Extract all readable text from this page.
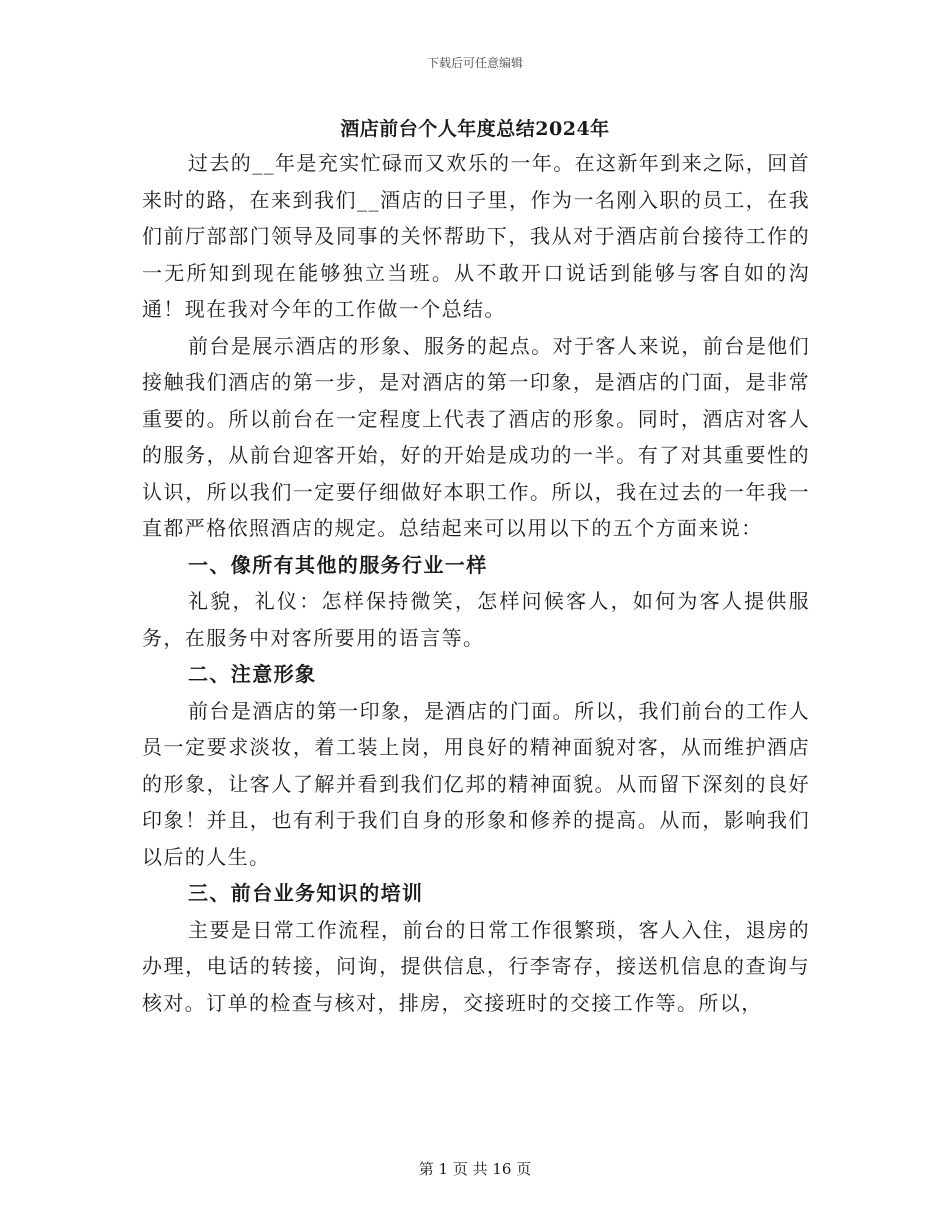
下载后可任意编辑
酒店前台个人年度总结2024年

过去的__年是充实忙碌而又欢乐的一年。在这新年到来之际，回首来时的路，在来到我们__酒店的日子里，作为一名刚入职的员工，在我们前厅部部门领导及同事的关怀帮助下，我从对于酒店前台接待工作的一无所知到现在能够独立当班。从不敢开口说话到能够与客自如的沟通！现在我对今年的工作做一个总结。

前台是展示酒店的形象、服务的起点。对于客人来说，前台是他们接触我们酒店的第一步，是对酒店的第一印象，是酒店的门面，是非常重要的。所以前台在一定程度上代表了酒店的形象。同时，酒店对客人的服务，从前台迎客开始，好的开始是成功的一半。有了对其重要性的认识，所以我们一定要仔细做好本职工作。所以，我在过去的一年我一直都严格依照酒店的规定。总结起来可以用以下的五个方面来说：

一、像所有其他的服务行业一样

礼貌，礼仪：怎样保持微笑，怎样问候客人，如何为客人提供服务，在服务中对客所要用的语言等。

二、注意形象

前台是酒店的第一印象，是酒店的门面。所以，我们前台的工作人员一定要求淡妆，着工装上岗，用良好的精神面貌对客，从而维护酒店的形象，让客人了解并看到我们亿邦的精神面貌。从而留下深刻的良好印象！并且，也有利于我们自身的形象和修养的提高。从而，影响我们以后的人生。

三、前台业务知识的培训

主要是日常工作流程，前台的日常工作很繁琐，客人入住，退房的办理，电话的转接，问询，提供信息，行李寄存，接送机信息的查询与核对。订单的检查与核对，排房，交接班时的交接工作等。所以，

第 1 页 共 16 页
